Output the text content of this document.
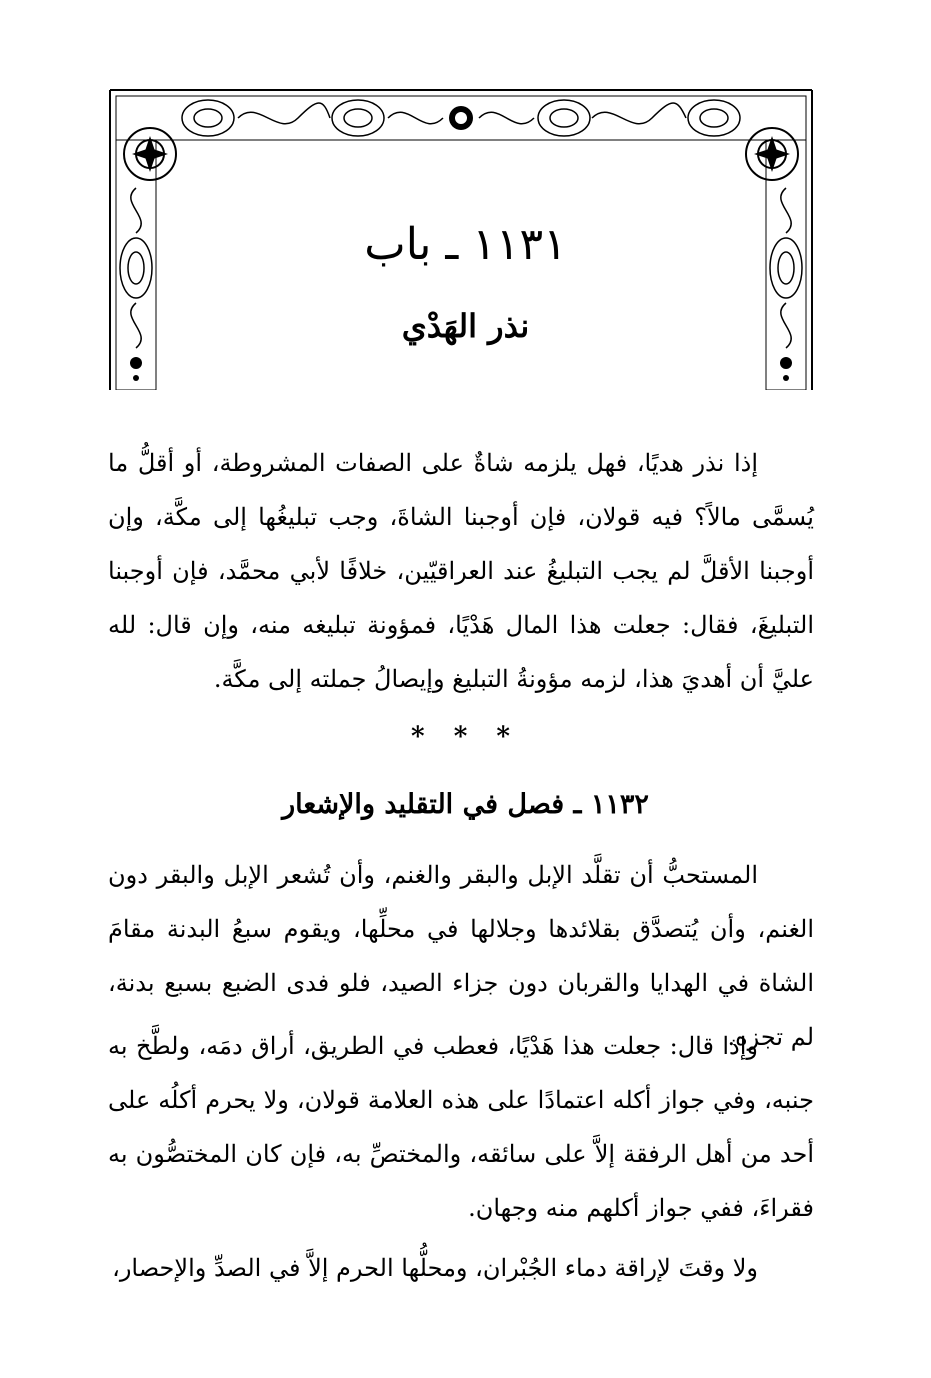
١١٣١ ـ باب
نذر الهَدْي

إذا نذر هديًا، فهل يلزمه شاةٌ على الصفات المشروطة، أو أقلُّ ما يُسمَّى مالاً؟ فيه قولان، فإن أوجبنا الشاةَ، وجب تبليغُها إلى مكَّة، وإن أوجبنا الأقلَّ لم يجب التبليغُ عند العراقيّين، خلافًا لأبي محمَّد، فإن أوجبنا التبليغَ، فقال: جعلت هذا المال هَدْيًا، فمؤونة تبليغه منه، وإن قال: لله عليَّ أن أهديَ هذا، لزمه مؤونةُ التبليغ وإيصالُ جملته إلى مكَّة.

* * *
١١٣٢ ـ فصل في التقليد والإشعار

المستحبُّ أن تقلَّد الإبل والبقر والغنم، وأن تُشعر الإبل والبقر دون الغنم، وأن يُتصدَّق بقلائدها وجلالها في محلِّها، ويقوم سبعُ البدنة مقامَ الشاة في الهدايا والقربان دون جزاء الصيد، فلو فدى الضبع بسبع بدنة، لم تجزه.

وإذا قال: جعلت هذا هَدْيًا، فعطب في الطريق، أراق دمَه، ولطَّخ به جنبه، وفي جواز أكله اعتمادًا على هذه العلامة قولان، ولا يحرم أكلُه على أحد من أهل الرفقة إلاَّ على سائقه، والمختصِّ به، فإن كان المختصُّون به فقراءَ، ففي جواز أكلهم منه وجهان.

ولا وقتَ لإراقة دماء الجُبْران، ومحلُّها الحرم إلاَّ في الصدِّ والإحصار،
